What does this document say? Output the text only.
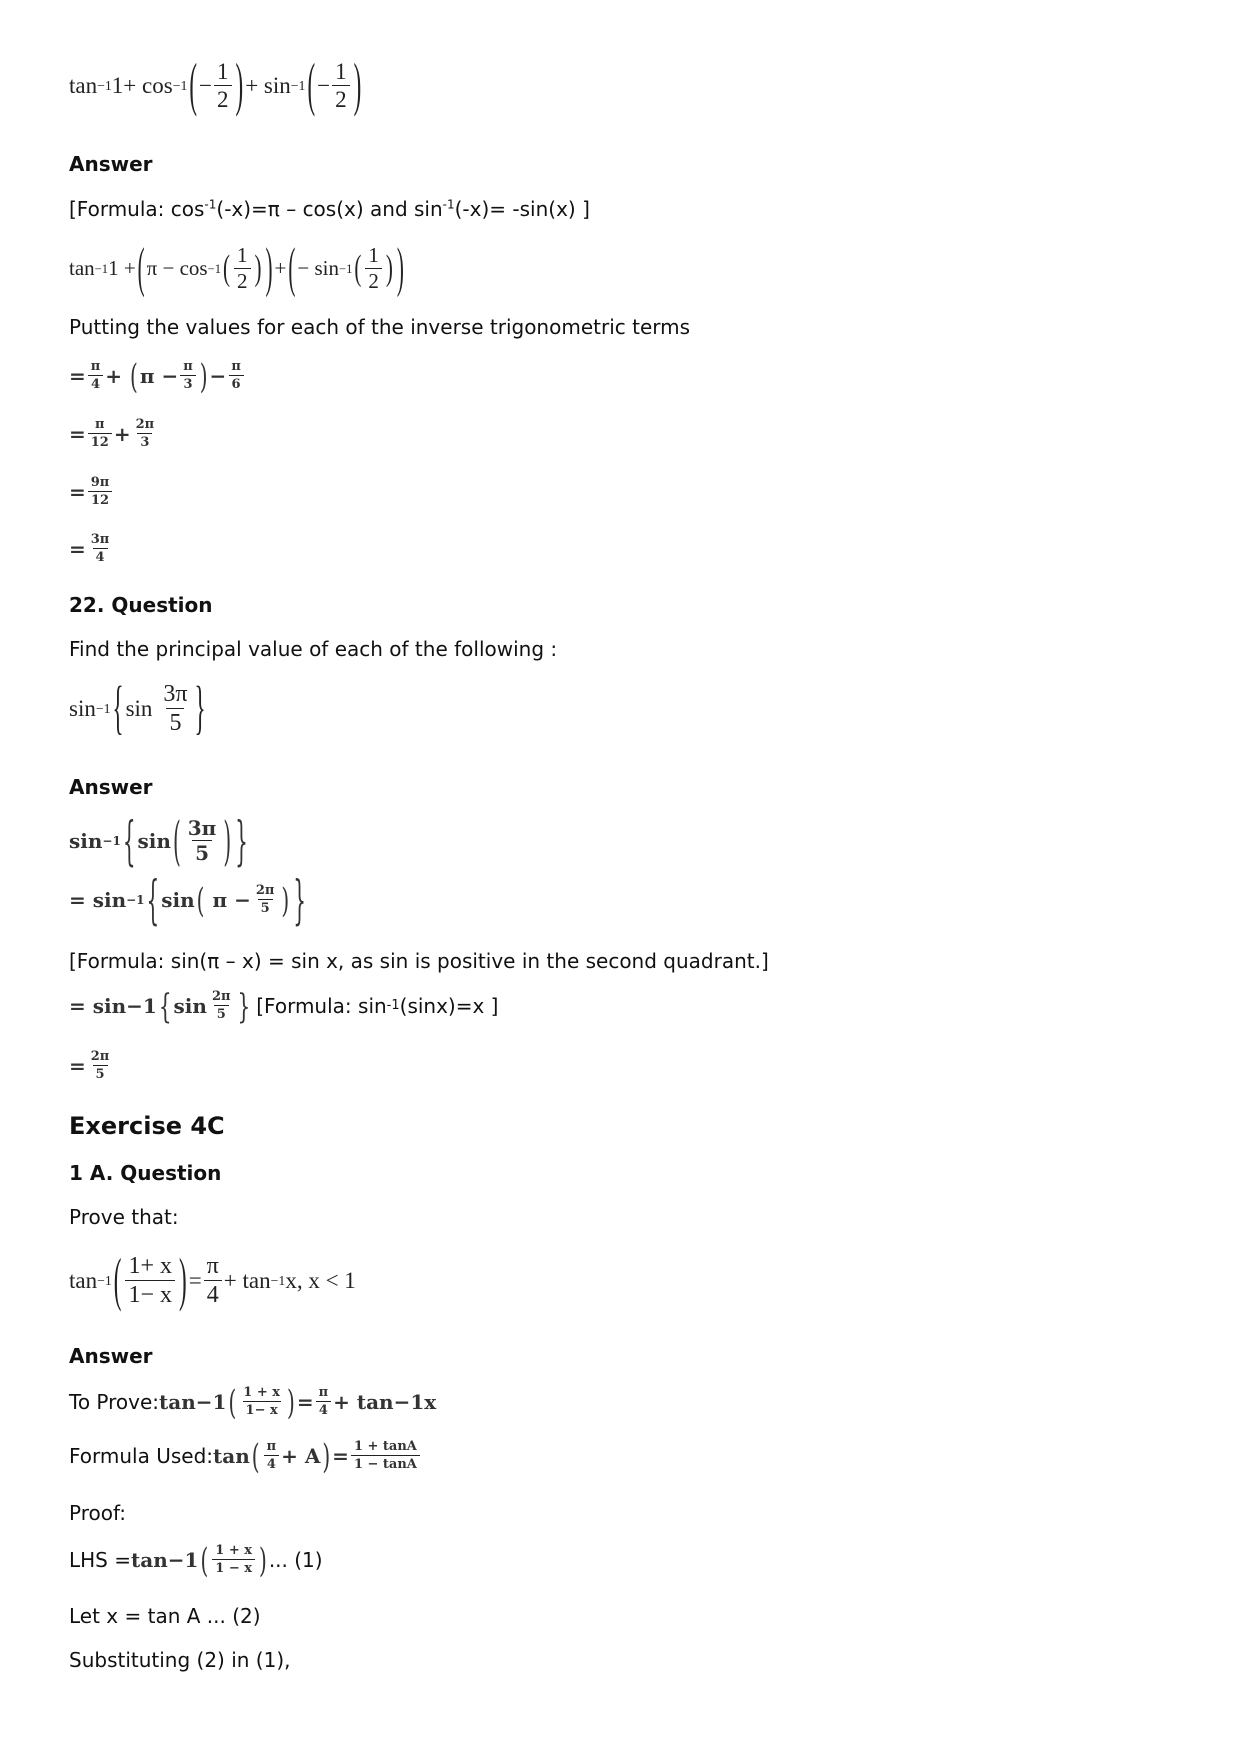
tan −1 1+ cos −1 ( − $\frac{1}{2}$ ) + sin −1 ( − $\frac{1}{2}$ )
Answer
[Formula: $\cos^{-1}(-x)=\pi - \cos(x)$ and $\sin^{-1}(-x)= -\sin(x)$ ]
tan −1 1 + ( π − cos −1 ( $\frac{1}{2}$ ) ) + ( − sin −1 ( $\frac{1}{2}$ ) )
Putting the values for each of the inverse trigonometric terms
= $\frac{\pi}{4}$ + ( $\pi - \frac{\pi}{3}$ ) − $\frac{\pi}{6}$
= $\frac{\pi}{12} + \frac{2\pi}{3}$
= $\frac{9\pi}{12}$
= $\frac{3\pi}{4}$
22. Question
Find the principal value of each of the following :
sin −1 { $\sin \frac{3\pi}{5}$ }
Answer
sin −1 { sin ( $\frac{3\pi}{5}$ ) }
= sin −1 { sin ( $\pi - \frac{2\pi}{5}$ ) }
[Formula: sin(π – x) = sin x, as sin is positive in the second quadrant.]
= sin −1 { $\sin \frac{2\pi}{5}$ } [Formula: sin -1 (sinx)=x ]
= $\frac{2\pi}{5}$
Exercise 4C
1 A. Question
Prove that:
tan −1 ( $\frac{1+ x}{1- x}$ ) = $\frac{\pi}{4} + \tan -1$ x, x < 1
Answer
To Prove: tan −1 ( $\frac{1 + x}{1- x}$ ) = $\frac{\pi}{4} + \tan -1$ x
Formula Used: tan ( $\frac{\pi}{4} + A$ ) = $\frac{1 + \tan A}{1 - \tan A}$
Proof:
LHS = tan −1 ( $\frac{1 + x}{1 - x}$ ) ... (1)
Let x = tan A ... (2)
Substituting (2) in (1),
